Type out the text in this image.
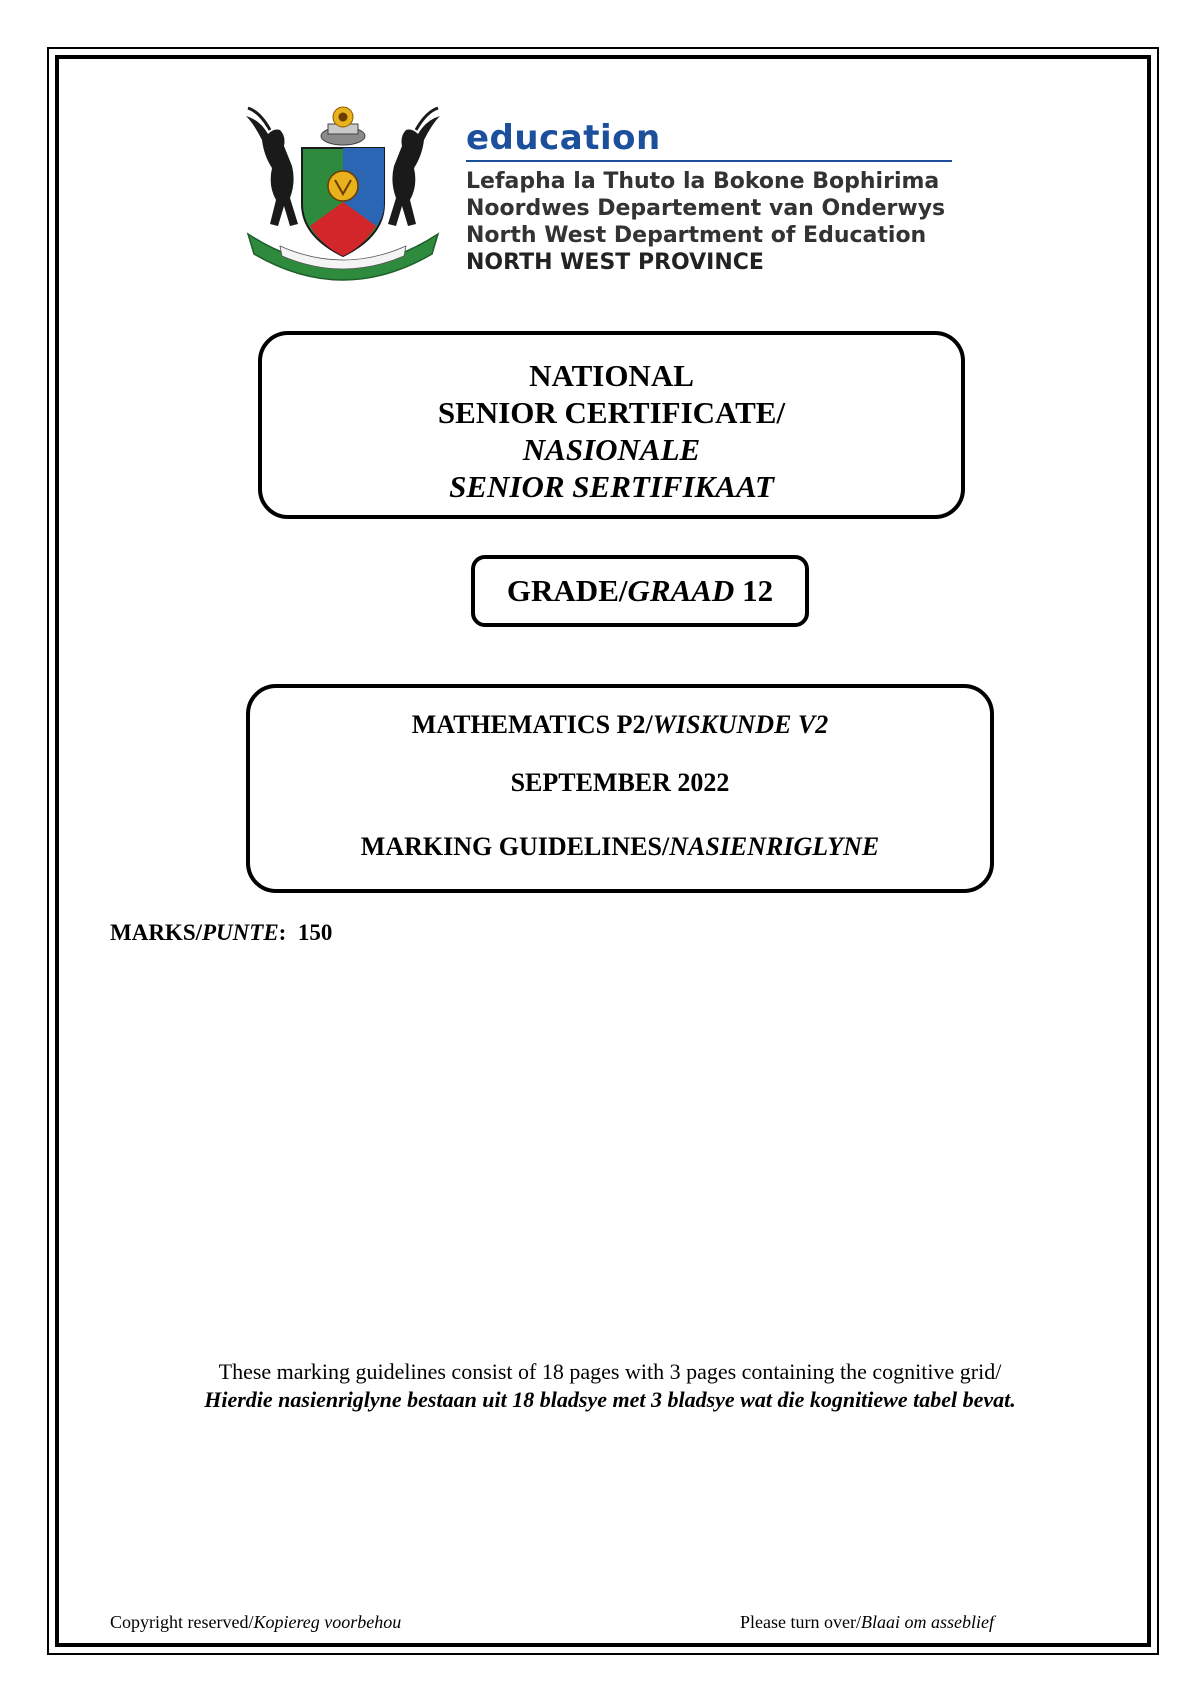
education
Lefapha la Thuto la Bokone Bophirima
Noordwes Departement van Onderwys
North West Department of Education
NORTH WEST PROVINCE
NATIONAL
SENIOR CERTIFICATE/
NASIONALE
SENIOR SERTIFIKAAT
GRADE/GRAAD 12
MATHEMATICS P2/WISKUNDE V2
SEPTEMBER 2022
MARKING GUIDELINES/NASIENRIGLYNE
MARKS/PUNTE:  150
These marking guidelines consist of 18 pages with 3 pages containing the cognitive grid/
Hierdie nasienriglyne bestaan uit 18 bladsye met 3 bladsye wat die kognitiewe tabel bevat.
Copyright reserved/Kopiereg voorbehou	Please turn over/Blaai om asseblief
